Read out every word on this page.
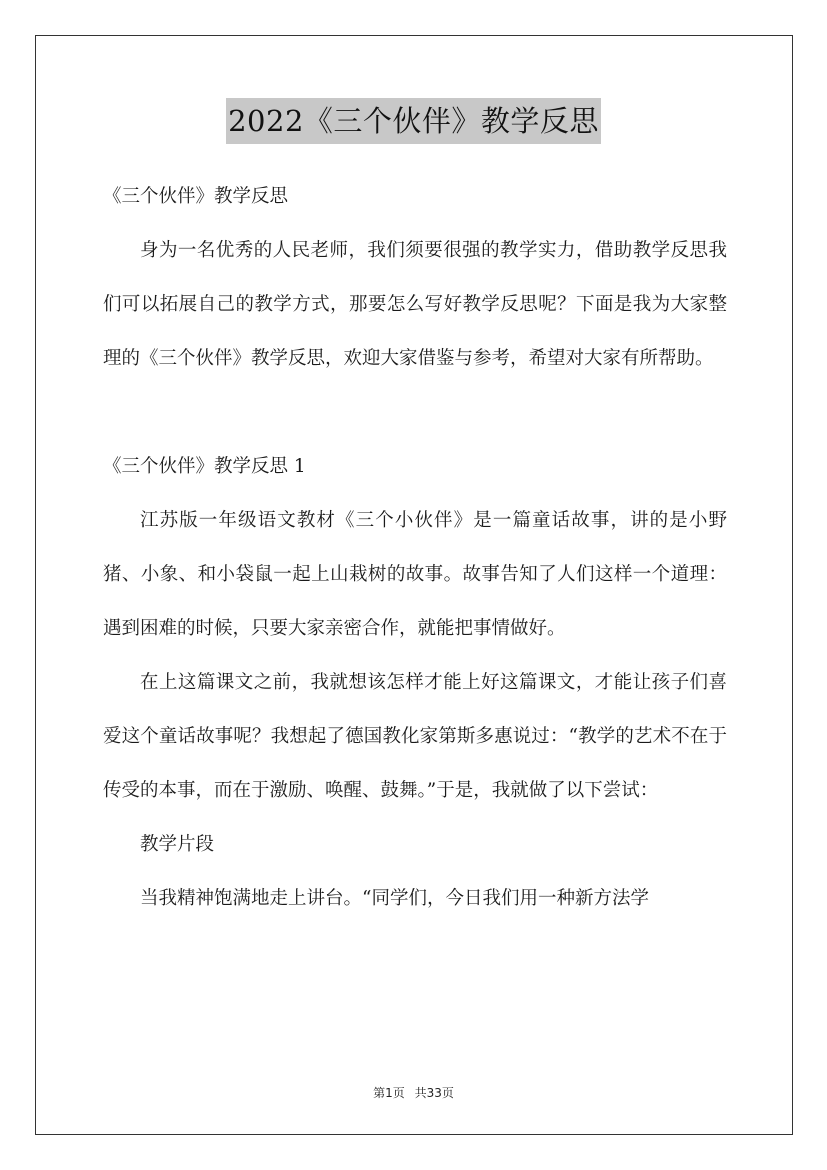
2022《三个伙伴》教学反思

《三个伙伴》教学反思

身为一名优秀的人民老师，我们须要很强的教学实力，借助教学反思我们可以拓展自己的教学方式，那要怎么写好教学反思呢？下面是我为大家整理的《三个伙伴》教学反思，欢迎大家借鉴与参考，希望对大家有所帮助。

《三个伙伴》教学反思 1

江苏版一年级语文教材《三个小伙伴》是一篇童话故事，讲的是小野猪、小象、和小袋鼠一起上山栽树的故事。故事告知了人们这样一个道理：遇到困难的时候，只要大家亲密合作，就能把事情做好。

在上这篇课文之前，我就想该怎样才能上好这篇课文，才能让孩子们喜爱这个童话故事呢？我想起了德国教化家第斯多惠说过：“教学的艺术不在于传受的本事，而在于激励、唤醒、鼓舞。”于是，我就做了以下尝试：

教学片段

当我精神饱满地走上讲台。“同学们，今日我们用一种新方法学

第1页 共33页
